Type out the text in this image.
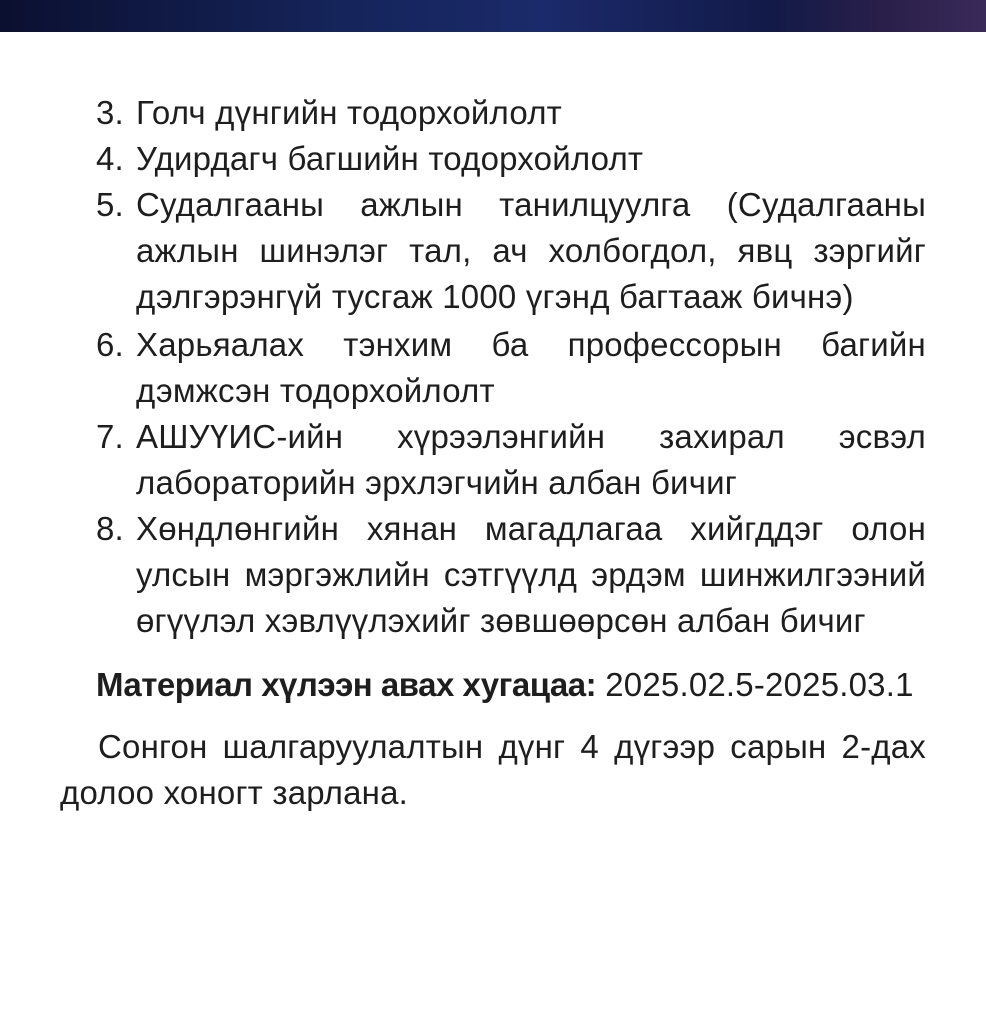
3. Голч дүнгийн тодорхойлолт
4. Удирдагч багшийн тодорхойлолт
5. Судалгааны ажлын танилцуулга (Судалгааны ажлын шинэлэг тал, ач холбогдол, явц зэргийг дэлгэрэнгүй тусгаж 1000 үгэнд багтааж бичнэ)
6. Харьяалах тэнхим ба профессорын багийн дэмжсэн тодорхойлолт
7. АШУҮИС-ийн хүрээлэнгийн захирал эсвэл лабораторийн эрхлэгчийн албан бичиг
8. Хөндлөнгийн хянан магадлагаа хийгддэг олон улсын мэргэжлийн сэтгүүлд эрдэм шинжилгээний өгүүлэл хэвлүүлэхийг зөвшөөрсөн албан бичиг
Материал хүлээн авах хугацаа: 2025.02.5-2025.03.1
Сонгон шалгаруулалтын дүнг 4 дүгээр сарын 2-дах долоо хоногт зарлана.
